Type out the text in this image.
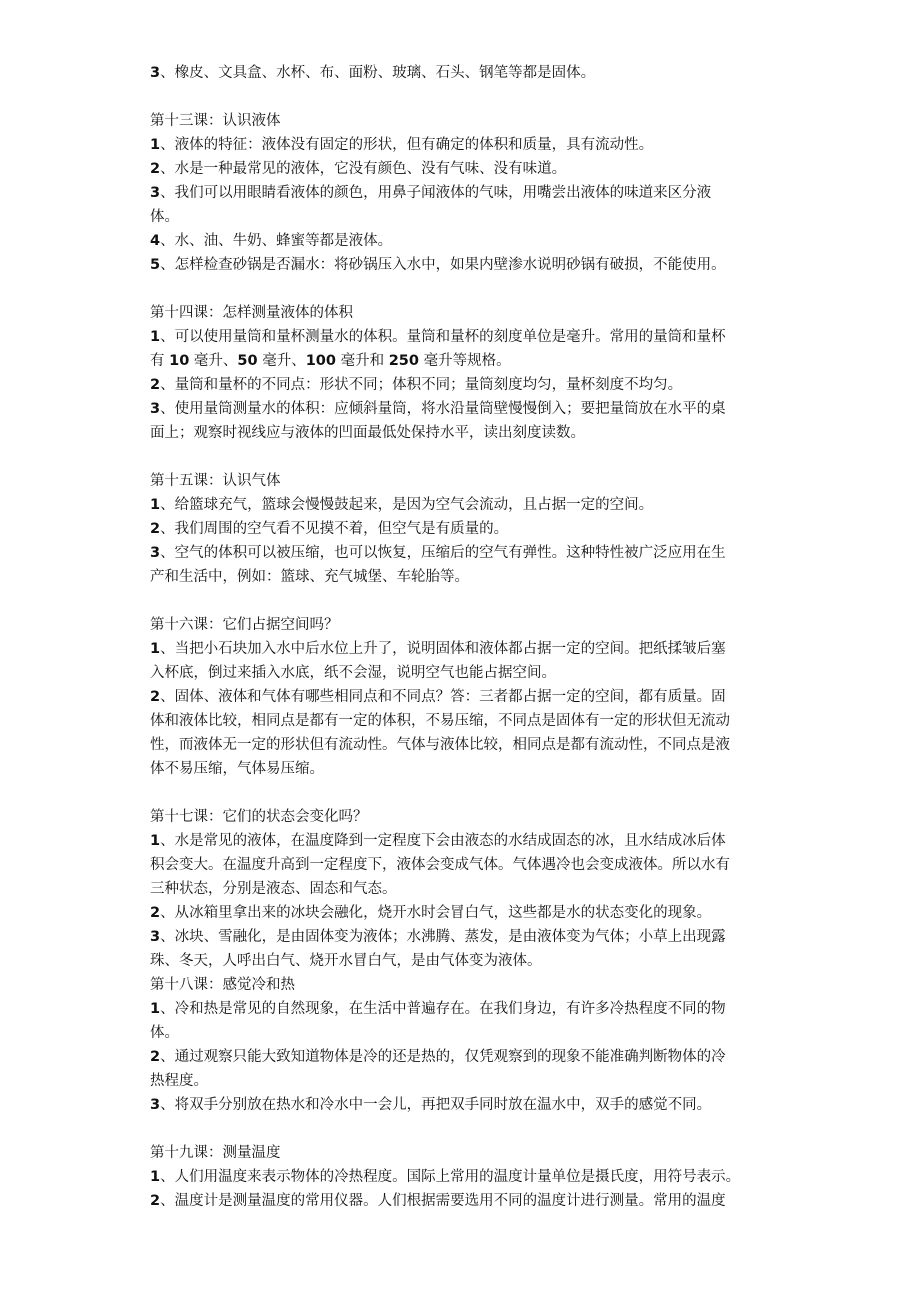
3、橡皮、文具盒、水杯、布、面粉、玻璃、石头、钢笔等都是固体。

第十三课：认识液体

1、液体的特征：液体没有固定的形状，但有确定的体积和质量，具有流动性。

2、水是一种最常见的液体，它没有颜色、没有气味、没有味道。

3、我们可以用眼睛看液体的颜色，用鼻子闻液体的气味，用嘴尝出液体的味道来区分液

体。

4、水、油、牛奶、蜂蜜等都是液体。

5、怎样检查砂锅是否漏水：将砂锅压入水中，如果内壁渗水说明砂锅有破损，不能使用。

第十四课：怎样测量液体的体积

1、可以使用量筒和量杯测量水的体积。量筒和量杯的刻度单位是毫升。常用的量筒和量杯

有 10 毫升、50 毫升、100 毫升和 250 毫升等规格。

2、量筒和量杯的不同点：形状不同；体积不同；量筒刻度均匀，量杯刻度不均匀。

3、使用量筒测量水的体积：应倾斜量筒，将水沿量筒壁慢慢倒入；要把量筒放在水平的桌

面上；观察时视线应与液体的凹面最低处保持水平，读出刻度读数。

第十五课：认识气体

1、给篮球充气，篮球会慢慢鼓起来，是因为空气会流动，且占据一定的空间。

2、我们周围的空气看不见摸不着，但空气是有质量的。

3、空气的体积可以被压缩，也可以恢复，压缩后的空气有弹性。这种特性被广泛应用在生

产和生活中，例如：篮球、充气城堡、车轮胎等。

第十六课：它们占据空间吗？

1、当把小石块加入水中后水位上升了，说明固体和液体都占据一定的空间。把纸揉皱后塞

入杯底，倒过来插入水底，纸不会湿，说明空气也能占据空间。

2、固体、液体和气体有哪些相同点和不同点？答：三者都占据一定的空间，都有质量。固

体和液体比较，相同点是都有一定的体积，不易压缩，不同点是固体有一定的形状但无流动

性，而液体无一定的形状但有流动性。气体与液体比较，相同点是都有流动性，不同点是液

体不易压缩，气体易压缩。

第十七课：它们的状态会变化吗？

1、水是常见的液体，在温度降到一定程度下会由液态的水结成固态的冰，且水结成冰后体

积会变大。在温度升高到一定程度下，液体会变成气体。气体遇冷也会变成液体。所以水有

三种状态，分别是液态、固态和气态。

2、从冰箱里拿出来的冰块会融化，烧开水时会冒白气，这些都是水的状态变化的现象。

3、冰块、雪融化，是由固体变为液体；水沸腾、蒸发，是由液体变为气体；小草上出现露

珠、冬天，人呼出白气、烧开水冒白气，是由气体变为液体。

第十八课：感觉冷和热

1、冷和热是常见的自然现象，在生活中普遍存在。在我们身边，有许多冷热程度不同的物

体。

2、通过观察只能大致知道物体是冷的还是热的，仅凭观察到的现象不能准确判断物体的冷

热程度。

3、将双手分别放在热水和冷水中一会儿，再把双手同时放在温水中，双手的感觉不同。

第十九课：测量温度

1、人们用温度来表示物体的冷热程度。国际上常用的温度计量单位是摄氏度，用符号表示。

2、温度计是测量温度的常用仪器。人们根据需要选用不同的温度计进行测量。常用的温度
